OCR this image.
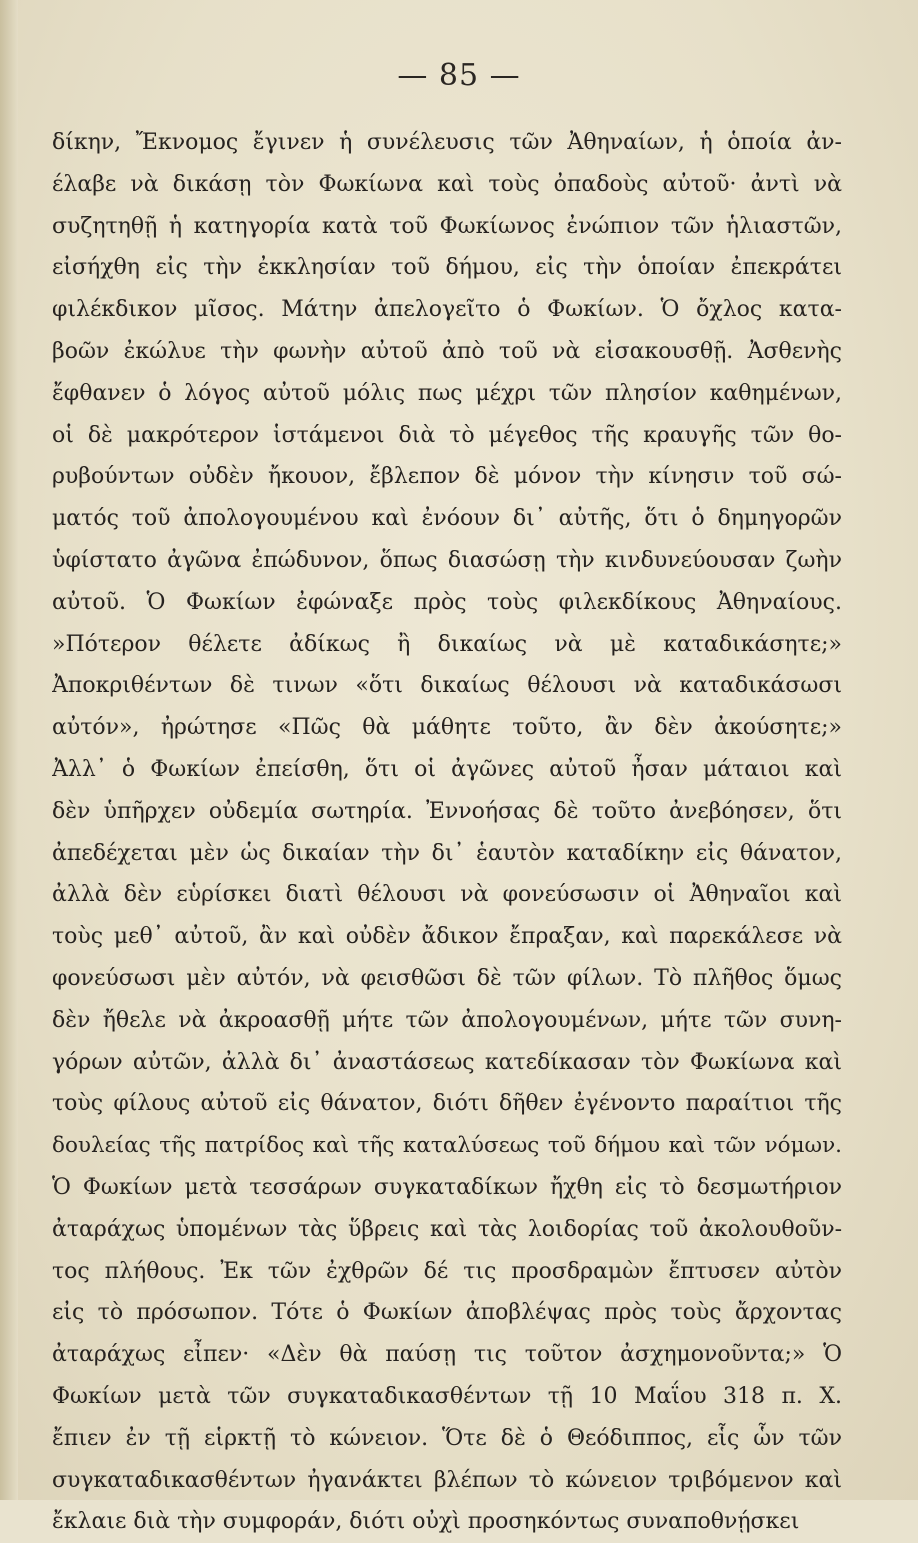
— 85 —
δίκην, Ἔκνομος ἔγινεν ἡ συνέλευσις τῶν Ἀθηναίων, ἡ ὁποία ἀν-
έλαβε νὰ δικάσῃ τὸν Φωκίωνα καὶ τοὺς ὀπαδοὺς αὐτοῦ· ἀντὶ νὰ
συζητηθῇ ἡ κατηγορία κατὰ τοῦ Φωκίωνος ἐνώπιον τῶν ἡλιαστῶν,
εἰσήχθη εἰς τὴν ἐκκλησίαν τοῦ δήμου, εἰς τὴν ὁποίαν ἐπεκράτει
φιλέκδικον μῖσος. Μάτην ἀπελογεῖτο ὁ Φωκίων. Ὁ ὄχλος κατα-
βοῶν ἐκώλυε τὴν φωνὴν αὐτοῦ ἀπὸ τοῦ νὰ εἰσακουσθῇ. Ἀσθενὴς
ἔφθανεν ὁ λόγος αὐτοῦ μόλις πως μέχρι τῶν πλησίον καθημένων,
οἱ δὲ μακρότερον ἱστάμενοι διὰ τὸ μέγεθος τῆς κραυγῆς τῶν θο-
ρυβούντων οὐδὲν ἤκουον, ἔβλεπον δὲ μόνον τὴν κίνησιν τοῦ σώ-
ματός τοῦ ἀπολογουμένου καὶ ἐνόουν δι᾽ αὐτῆς, ὅτι ὁ δημηγορῶν
ὑφίστατο ἀγῶνα ἐπώδυνον, ὅπως διασώσῃ τὴν κινδυνεύουσαν ζωὴν
αὐτοῦ. Ὁ Φωκίων ἐφώναξε πρὸς τοὺς φιλεκδίκους Ἀθηναίους.
»Πότερον θέλετε ἀδίκως ἢ δικαίως νὰ μὲ καταδικάσητε;»
Ἀποκριθέντων δὲ τινων «ὅτι δικαίως θέλουσι νὰ καταδικάσωσι
αὐτόν», ἠρώτησε «Πῶς θὰ μάθητε τοῦτο, ἂν δὲν ἀκούσητε;»
Ἀλλ᾽ ὁ Φωκίων ἐπείσθη, ὅτι οἱ ἀγῶνες αὐτοῦ ἦσαν μάταιοι καὶ
δὲν ὑπῆρχεν οὐδεμία σωτηρία. Ἐννοήσας δὲ τοῦτο ἀνεβόησεν, ὅτι
ἀπεδέχεται μὲν ὡς δικαίαν τὴν δι᾽ ἑαυτὸν καταδίκην εἰς θάνατον,
ἀλλὰ δὲν εὑρίσκει διατὶ θέλουσι νὰ φονεύσωσιν οἱ Ἀθηναῖοι καὶ
τοὺς μεθ᾽ αὐτοῦ, ἂν καὶ οὐδὲν ἄδικον ἔπραξαν, καὶ παρεκάλεσε νὰ
φονεύσωσι μὲν αὐτόν, νὰ φεισθῶσι δὲ τῶν φίλων. Τὸ πλῆθος ὅμως
δὲν ἤθελε νὰ ἀκροασθῇ μήτε τῶν ἀπολογουμένων, μήτε τῶν συνη-
γόρων αὐτῶν, ἀλλὰ δι᾽ ἀναστάσεως κατεδίκασαν τὸν Φωκίωνα καὶ
τοὺς φίλους αὐτοῦ εἰς θάνατον, διότι δῆθεν ἐγένοντο παραίτιοι τῆς
δουλείας τῆς πατρίδος καὶ τῆς καταλύσεως τοῦ δήμου καὶ τῶν νόμων.
Ὁ Φωκίων μετὰ τεσσάρων συγκαταδίκων ἤχθη εἰς τὸ δεσμωτήριον
ἀταράχως ὑπομένων τὰς ὕβρεις καὶ τὰς λοιδορίας τοῦ ἀκολουθοῦν-
τος πλήθους. Ἐκ τῶν ἐχθρῶν δέ τις προσδραμὼν ἔπτυσεν αὐτὸν
εἰς τὸ πρόσωπον. Τότε ὁ Φωκίων ἀποβλέψας πρὸς τοὺς ἄρχοντας
ἀταράχως εἶπεν· «Δὲν θὰ παύσῃ τις τοῦτον ἀσχημονοῦντα;» Ὁ
Φωκίων μετὰ τῶν συγκαταδικασθέντων τῇ 10 Μαΐου 318 π. Χ.
ἔπιεν ἐν τῇ εἱρκτῇ τὸ κώνειον. Ὅτε δὲ ὁ Θεόδιππος, εἷς ὧν τῶν
συγκαταδικασθέντων ἠγανάκτει βλέπων τὸ κώνειον τριβόμενον καὶ
ἔκλαιε διὰ τὴν συμφοράν, διότι οὐχὶ προσηκόντως συναποθνῄσκει
